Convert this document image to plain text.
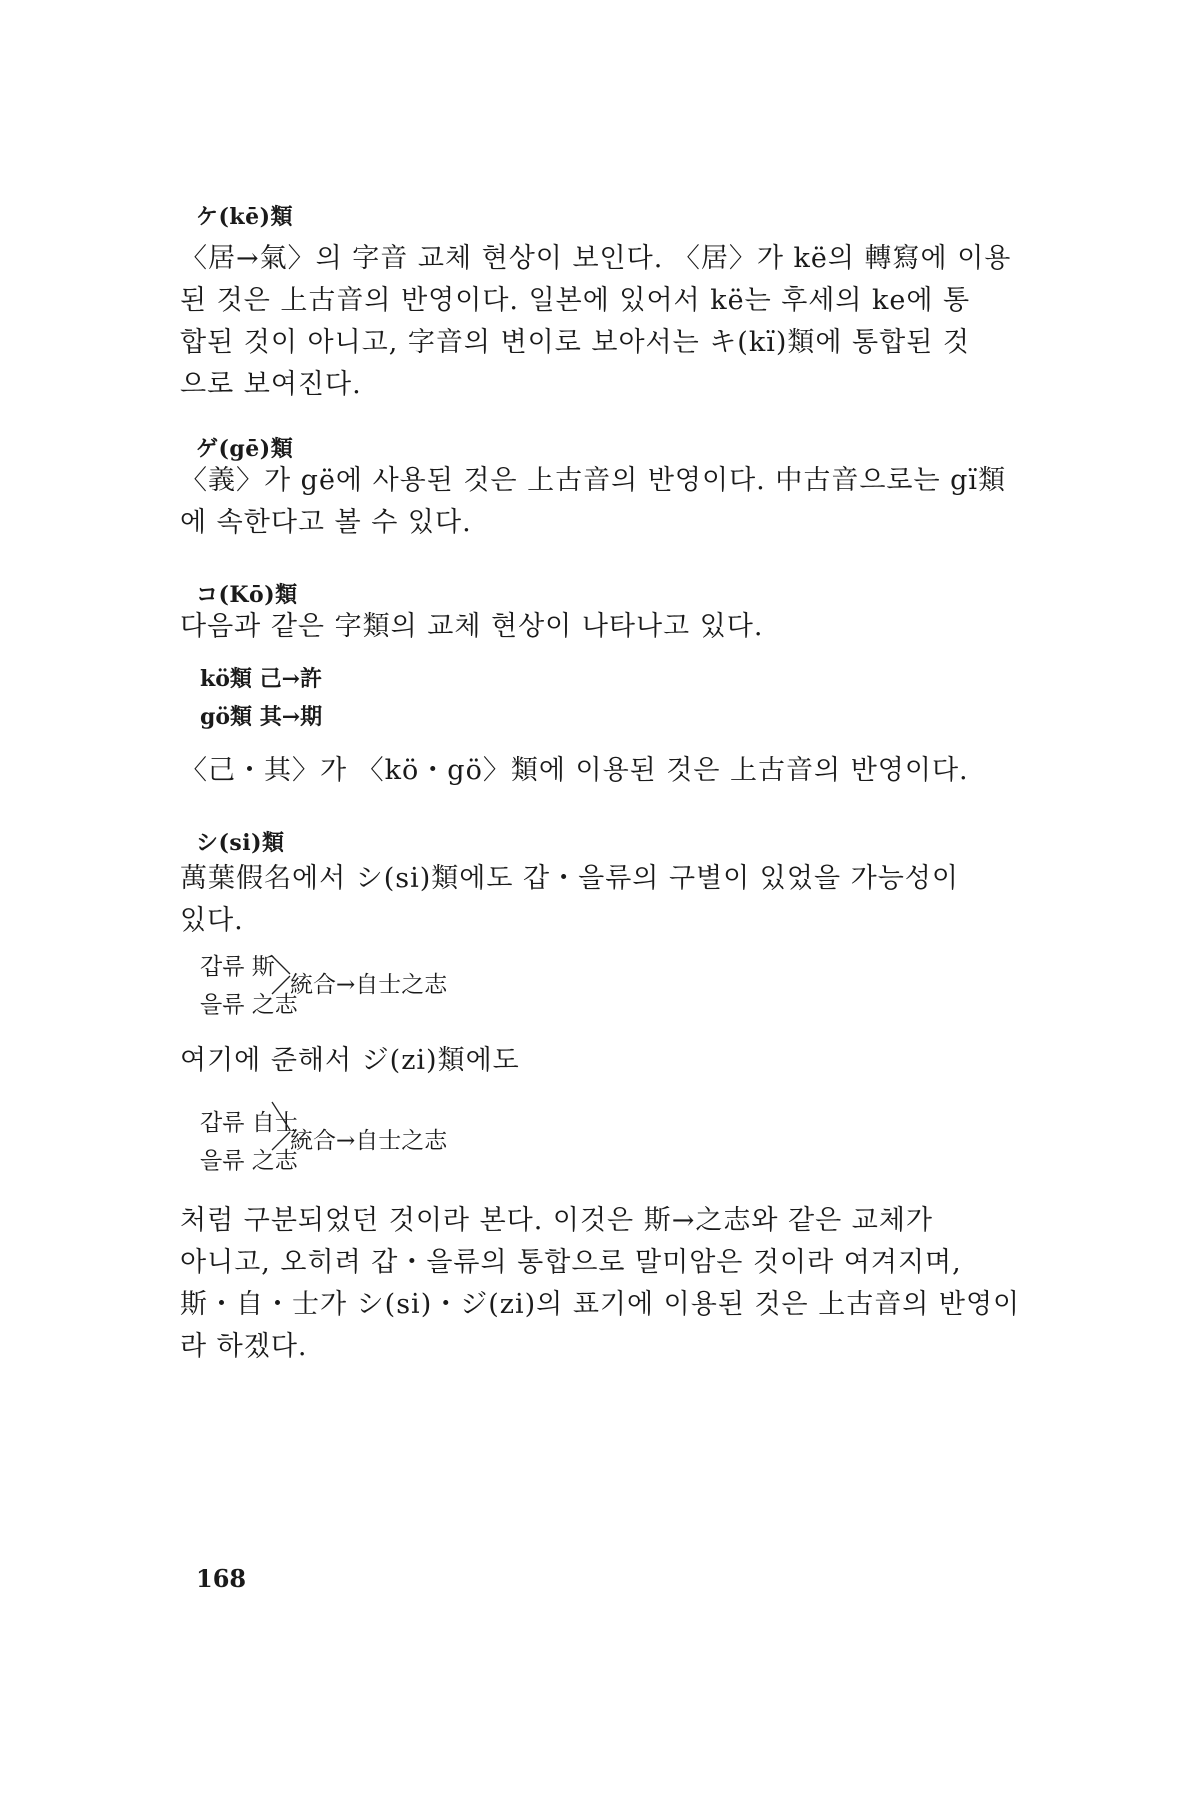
ケ(kē)類
〈居→氣〉의 字音 교체 현상이 보인다. 〈居〉가 kë의 轉寫에 이용
된 것은 上古音의 반영이다. 일본에 있어서 kë는 후세의 ke에 통
합된 것이 아니고, 字音의 변이로 보아서는 キ(kï)類에 통합된 것
으로 보여진다.
ゲ(gē)類
〈義〉가 gë에 사용된 것은 上古音의 반영이다. 中古音으로는 gï類
에 속한다고 볼 수 있다.
コ(Kō)類
다음과 같은 字類의 교체 현상이 나타나고 있다.
kö類 己→許
gö類 其→期
〈己・其〉가 〈kö・gö〉類에 이용된 것은 上古音의 반영이다.
シ(si)類
萬葉假名에서 シ(si)類에도 갑・을류의 구별이 있었을 가능성이
있다.
갑류 斯
을류 之志
統合→自士之志
여기에 준해서 ジ(zi)類에도
갑류 自士
을류 之志
統合→自士之志
처럼 구분되었던 것이라 본다. 이것은 斯→之志와 같은 교체가
아니고, 오히려 갑・을류의 통합으로 말미암은 것이라 여겨지며,
斯・自・士가 シ(si)・ジ(zi)의 표기에 이용된 것은 上古音의 반영이
라 하겠다.
168
